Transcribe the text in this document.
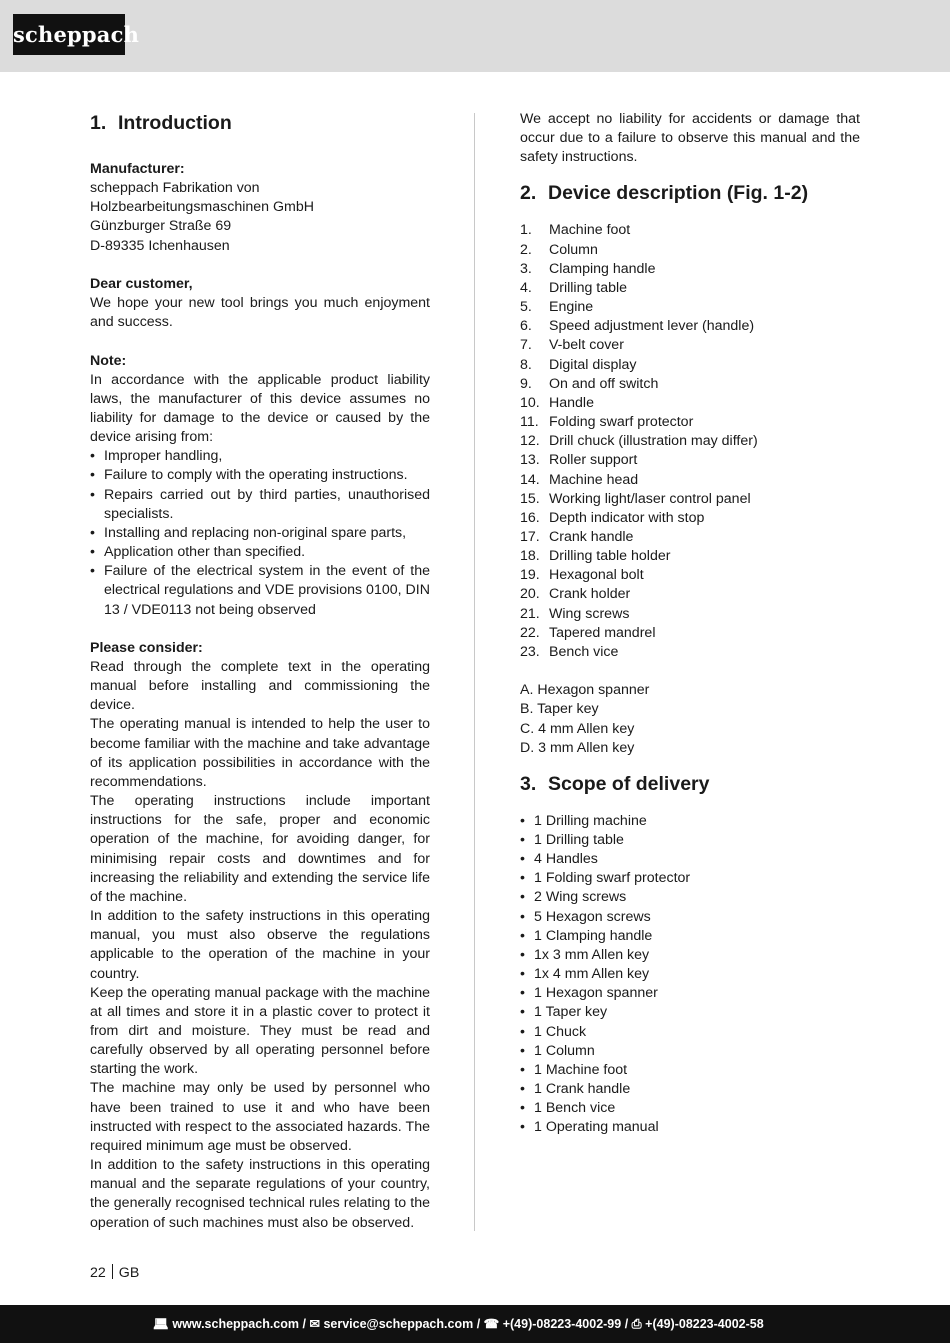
scheppach
1. Introduction
Manufacturer:
scheppach Fabrikation von
Holzbearbeitungsmaschinen GmbH
Günzburger Straße 69
D-89335 Ichenhausen
Dear customer,
We hope your new tool brings you much enjoyment and success.
Note:
In accordance with the applicable product liability laws, the manufacturer of this device assumes no liability for damage to the device or caused by the device arising from:
• Improper handling,
• Failure to comply with the operating instructions.
• Repairs carried out by third parties, unauthorised specialists.
• Installing and replacing non-original spare parts,
• Application other than specified.
• Failure of the electrical system in the event of the electrical regulations and VDE provisions 0100, DIN 13 / VDE0113 not being observed
Please consider:
Read through the complete text in the operating manual before installing and commissioning the device.
The operating manual is intended to help the user to become familiar with the machine and take advantage of its application possibilities in accordance with the recommendations.
The operating instructions include important instructions for the safe, proper and economic operation of the machine, for avoiding danger, for minimising repair costs and downtimes and for increasing the reliability and extending the service life of the machine.
In addition to the safety instructions in this operating manual, you must also observe the regulations applicable to the operation of the machine in your country.
Keep the operating manual package with the machine at all times and store it in a plastic cover to protect it from dirt and moisture. They must be read and carefully observed by all operating personnel before starting the work.
The machine may only be used by personnel who have been trained to use it and who have been instructed with respect to the associated hazards. The required minimum age must be observed.
In addition to the safety instructions in this operating manual and the separate regulations of your country, the generally recognised technical rules relating to the operation of such machines must also be observed.
We accept no liability for accidents or damage that occur due to a failure to observe this manual and the safety instructions.
2. Device description (Fig. 1-2)
1.	Machine foot
2.	Column
3.	Clamping handle
4.	Drilling table
5.	Engine
6.	Speed adjustment lever (handle)
7.	V-belt cover
8.	Digital display
9.	On and off switch
10. Handle
11. Folding swarf protector
12. Drill chuck (illustration may differ)
13. Roller support
14. Machine head
15. Working light/laser control panel
16. Depth indicator with stop
17. Crank handle
18. Drilling table holder
19. Hexagonal bolt
20. Crank holder
21. Wing screws
22. Tapered mandrel
23. Bench vice
A. Hexagon spanner
B. Taper key
C. 4 mm Allen key
D. 3 mm Allen key
3. Scope of delivery
• 1 Drilling machine
• 1 Drilling table
• 4 Handles
• 1 Folding swarf protector
• 2 Wing screws
• 5 Hexagon screws
• 1 Clamping handle
• 1x 3 mm Allen key
• 1x 4 mm Allen key
• 1 Hexagon spanner
• 1 Taper key
• 1 Chuck
• 1 Column
• 1 Machine foot
• 1 Crank handle
• 1 Bench vice
• 1 Operating manual
22 GB
💻︎ www.scheppach.com / ✉ service@scheppach.com / ☎ +(49)-08223-4002-99 / ⎙ +(49)-08223-4002-58
